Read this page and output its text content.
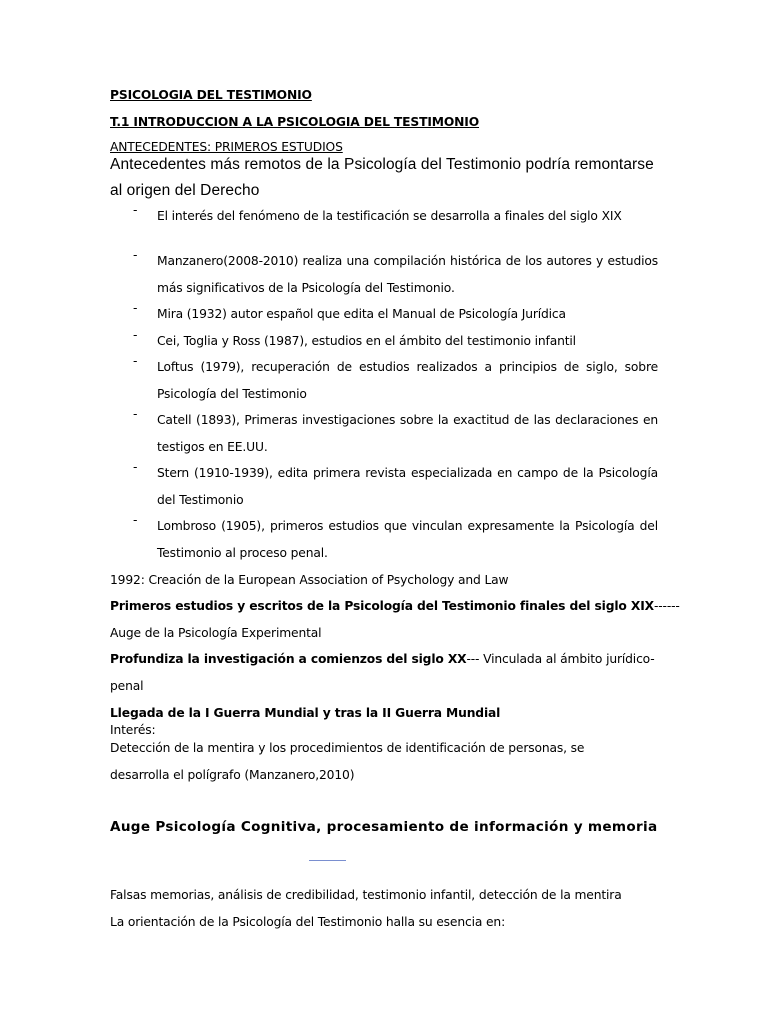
PSICOLOGIA DEL TESTIMONIO
T.1 INTRODUCCION A LA PSICOLOGIA DEL TESTIMONIO
ANTECEDENTES: PRIMEROS ESTUDIOS
Antecedentes más remotos de la Psicología del Testimonio podría remontarse
al origen del Derecho
- El interés del fenómeno de la testificación se desarrolla a finales del siglo XIX
- Manzanero(2008-2010) realiza una compilación histórica de los autores y estudios más significativos de la Psicología del Testimonio.
- Mira (1932) autor español que edita el Manual de Psicología Jurídica
- Cei, Toglia y Ross (1987), estudios en el ámbito del testimonio infantil
- Loftus (1979), recuperación de estudios realizados a principios de siglo, sobre Psicología del Testimonio
- Catell (1893), Primeras investigaciones sobre la exactitud de las declaraciones en testigos en EE.UU.
- Stern (1910-1939), edita primera revista especializada en campo de la Psicología del Testimonio
- Lombroso (1905), primeros estudios que vinculan expresamente la Psicología del Testimonio al proceso penal.
1992: Creación de la European Association of Psychology and Law
Primeros estudios y escritos de la Psicología del Testimonio finales del siglo XIX------
Auge de la Psicología Experimental
Profundiza la investigación a comienzos del siglo XX--- Vinculada al ámbito jurídico-
penal
Llegada de la I Guerra Mundial y tras la II Guerra Mundial
Interés:
Detección de la mentira y los procedimientos de identificación de personas, se
desarrolla el polígrafo (Manzanero,2010)
Auge Psicología Cognitiva, procesamiento de información y memoria
Falsas memorias, análisis de credibilidad, testimonio infantil, detección de la mentira
La orientación de la Psicología del Testimonio halla su esencia en:
